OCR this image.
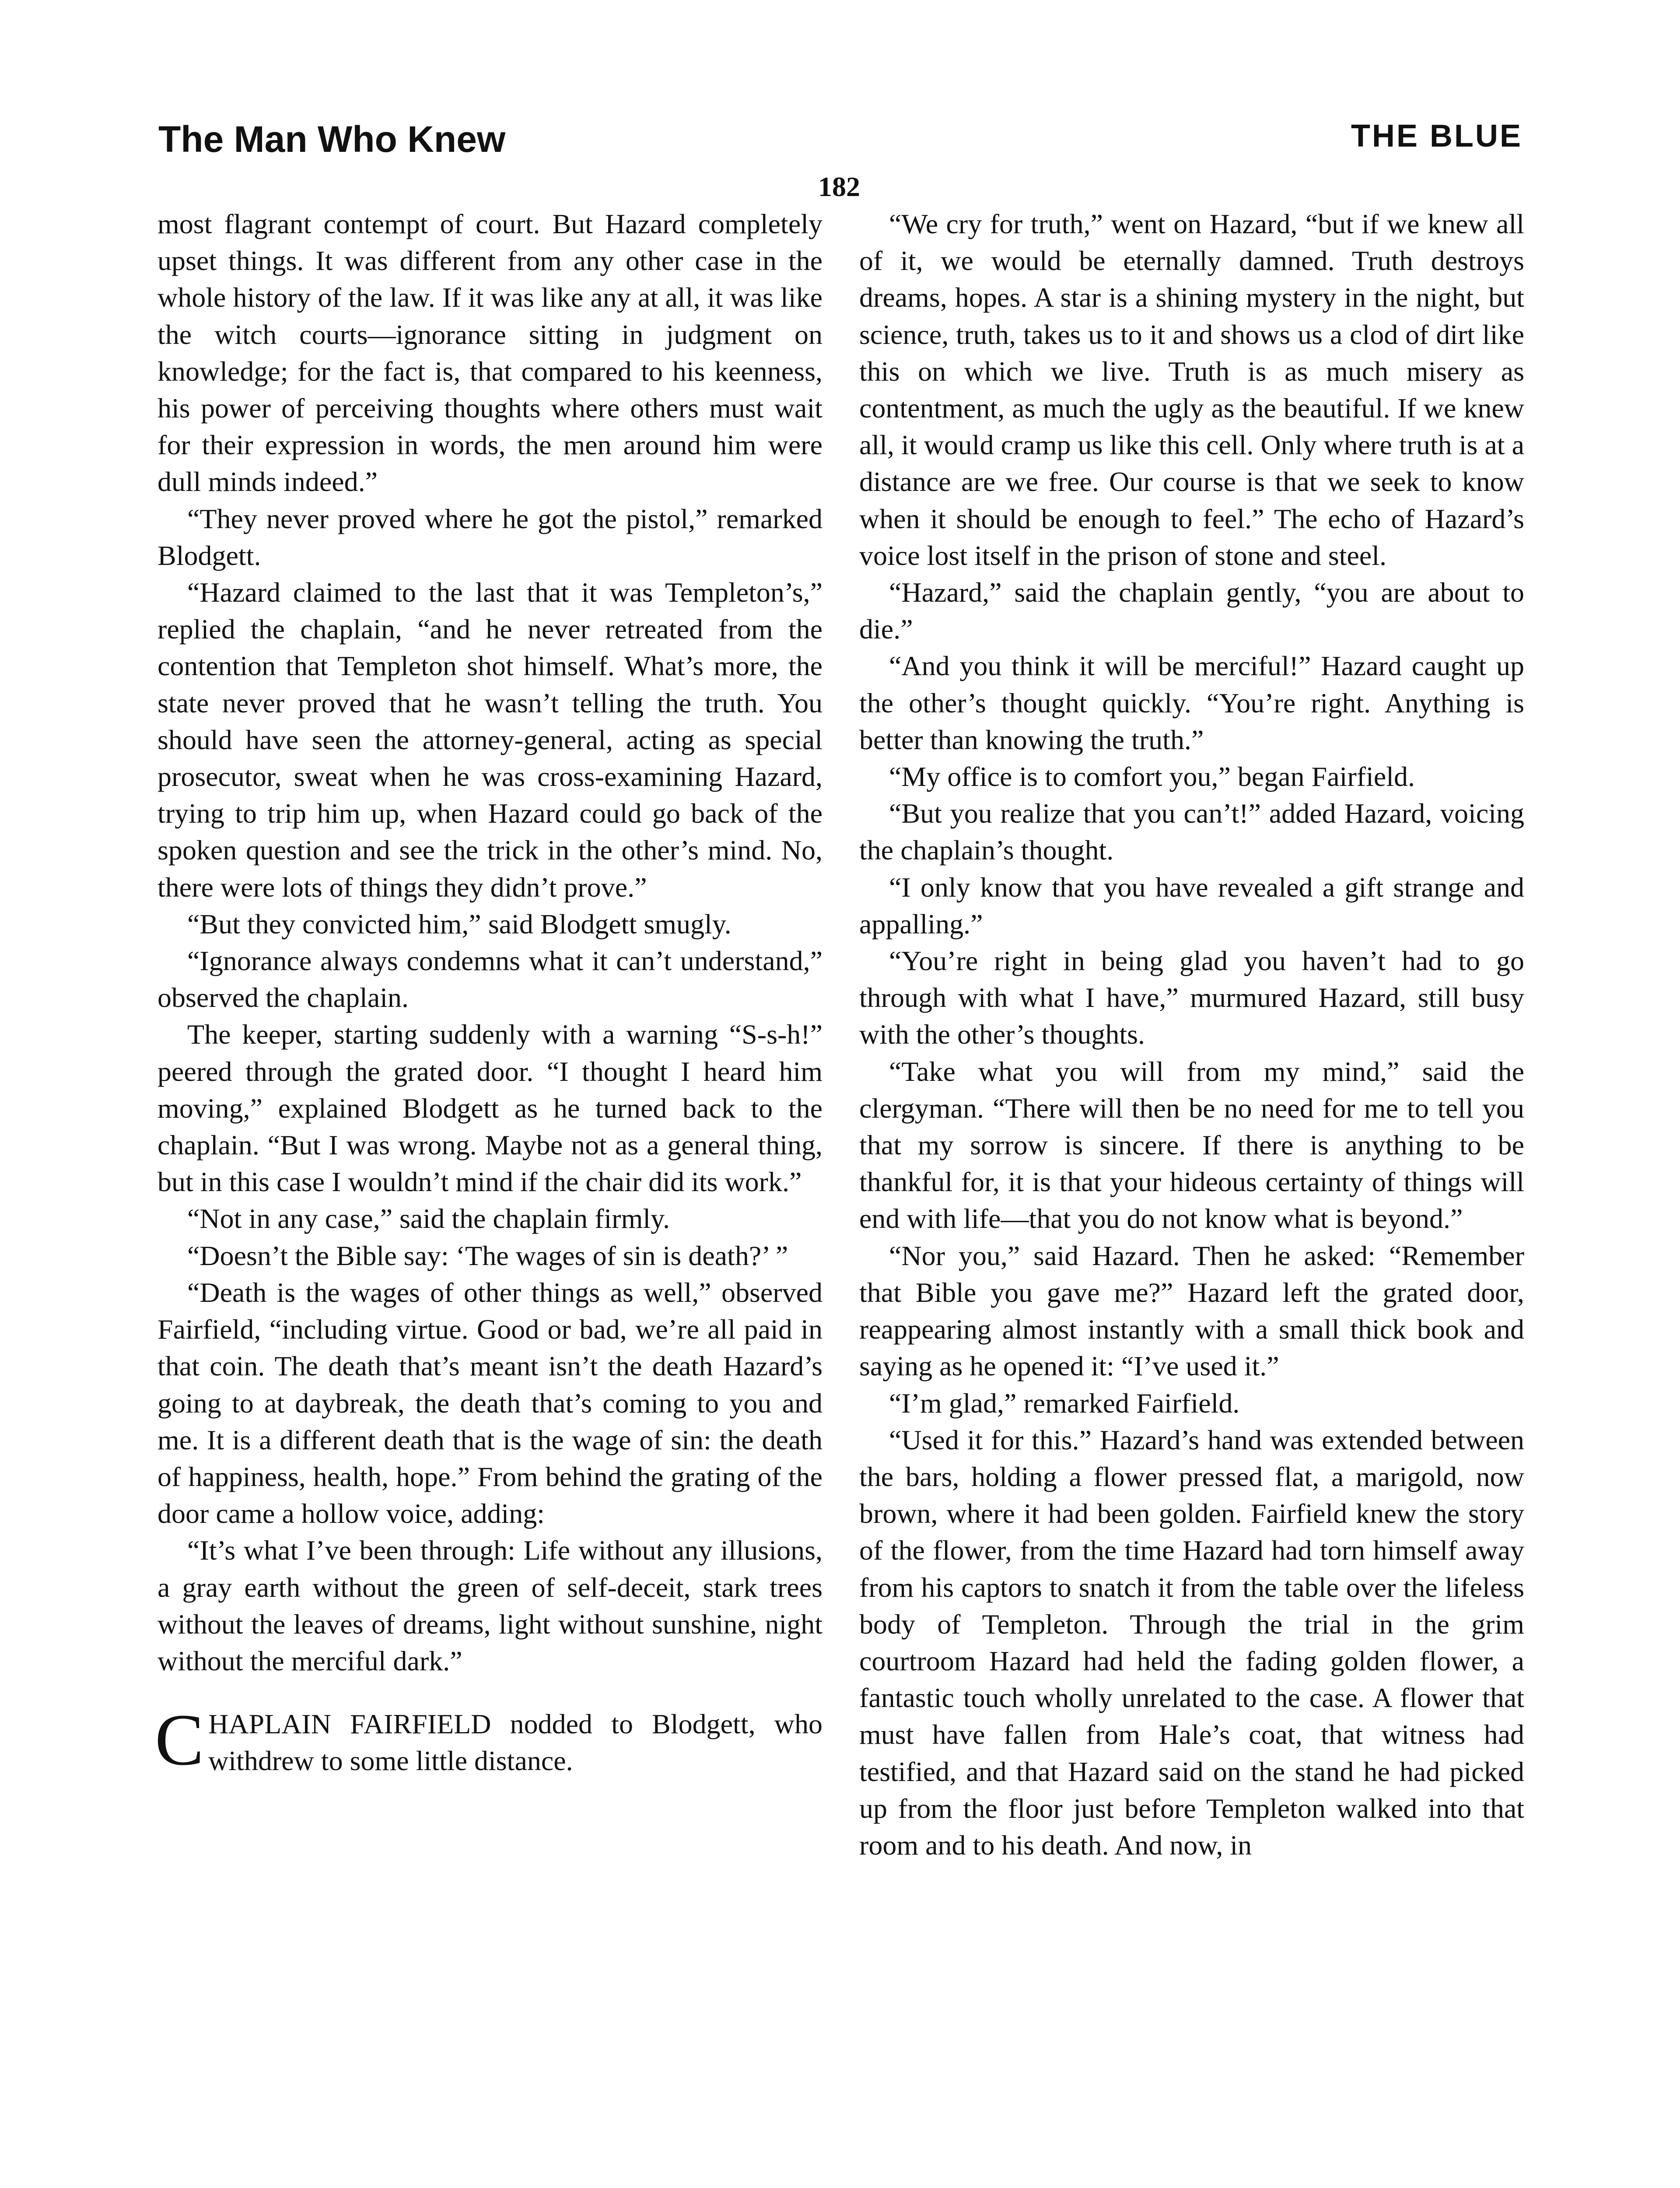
The Man Who Knew	THE BLUE
182

most flagrant contempt of court. But Hazard completely upset things. It was different from any other case in the whole history of the law. If it was like any at all, it was like the witch courts—ignorance sitting in judgment on knowledge; for the fact is, that compared to his keenness, his power of perceiving thoughts where others must wait for their expression in words, the men around him were dull minds indeed.”

“They never proved where he got the pistol,” remarked Blodgett.

“Hazard claimed to the last that it was Templeton’s,” replied the chaplain, “and he never retreated from the contention that Templeton shot himself. What’s more, the state never proved that he wasn’t telling the truth. You should have seen the attorney-general, acting as special prosecutor, sweat when he was cross-examining Hazard, trying to trip him up, when Hazard could go back of the spoken question and see the trick in the other’s mind. No, there were lots of things they didn’t prove.”

“But they convicted him,” said Blodgett smugly.

“Ignorance always condemns what it can’t understand,” observed the chaplain.

The keeper, starting suddenly with a warning “S-s-h!” peered through the grated door. “I thought I heard him moving,” explained Blodgett as he turned back to the chaplain. “But I was wrong. Maybe not as a general thing, but in this case I wouldn’t mind if the chair did its work.”

“Not in any case,” said the chaplain firmly.

“Doesn’t the Bible say: ‘The wages of sin is death?’ ”

“Death is the wages of other things as well,” observed Fairfield, “including virtue. Good or bad, we’re all paid in that coin. The death that’s meant isn’t the death Hazard’s going to at daybreak, the death that’s coming to you and me. It is a different death that is the wage of sin: the death of happiness, health, hope.” From behind the grating of the door came a hollow voice, adding:

“It’s what I’ve been through: Life without any illusions, a gray earth without the green of self-deceit, stark trees without the leaves of dreams, light without sunshine, night without the merciful dark.”

CHAPLAIN FAIRFIELD nodded to Blodgett, who withdrew to some little distance.

“We cry for truth,” went on Hazard, “but if we knew all of it, we would be eternally damned. Truth destroys dreams, hopes. A star is a shining mystery in the night, but science, truth, takes us to it and shows us a clod of dirt like this on which we live. Truth is as much misery as contentment, as much the ugly as the beautiful. If we knew all, it would cramp us like this cell. Only where truth is at a distance are we free. Our course is that we seek to know when it should be enough to feel.” The echo of Hazard’s voice lost itself in the prison of stone and steel.

“Hazard,” said the chaplain gently, “you are about to die.”

“And you think it will be merciful!” Hazard caught up the other’s thought quickly. “You’re right. Anything is better than knowing the truth.”

“My office is to comfort you,” began Fairfield.

“But you realize that you can’t!” added Hazard, voicing the chaplain’s thought.

“I only know that you have revealed a gift strange and appalling.”

“You’re right in being glad you haven’t had to go through with what I have,” murmured Hazard, still busy with the other’s thoughts.

“Take what you will from my mind,” said the clergyman. “There will then be no need for me to tell you that my sorrow is sincere. If there is anything to be thankful for, it is that your hideous certainty of things will end with life—that you do not know what is beyond.”

“Nor you,” said Hazard. Then he asked: “Remember that Bible you gave me?” Hazard left the grated door, reappearing almost instantly with a small thick book and saying as he opened it: “I’ve used it.”

“I’m glad,” remarked Fairfield.

“Used it for this.” Hazard’s hand was extended between the bars, holding a flower pressed flat, a marigold, now brown, where it had been golden. Fairfield knew the story of the flower, from the time Hazard had torn himself away from his captors to snatch it from the table over the lifeless body of Templeton. Through the trial in the grim courtroom Hazard had held the fading golden flower, a fantastic touch wholly unrelated to the case. A flower that must have fallen from Hale’s coat, that witness had testified, and that Hazard said on the stand he had picked up from the floor just before Templeton walked into that room and to his death. And now, in
